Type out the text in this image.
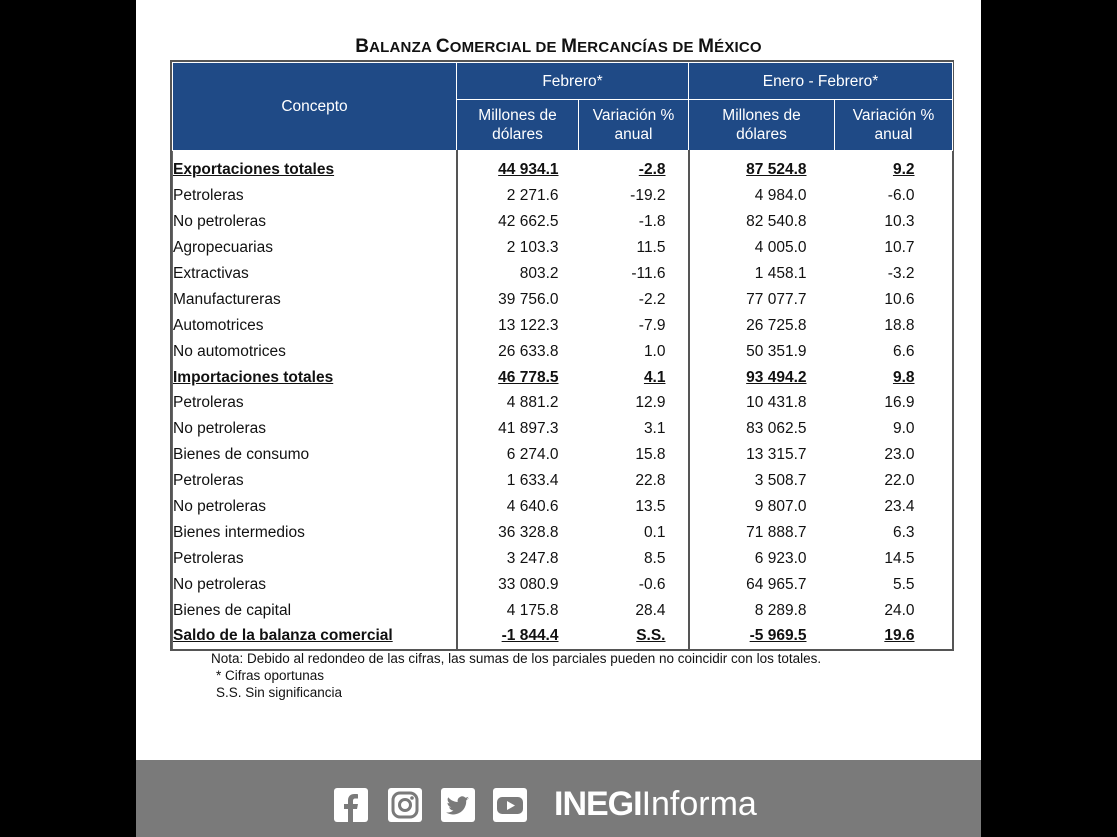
BALANZA COMERCIAL DE MERCANCÍAS DE MÉXICO
Concepto	Febrero*		Enero - Febrero*	
	Millones de dólares	Variación % anual	Millones de dólares	Variación % anual
Exportaciones totales	44 934.1	-2.8	87 524.8	9.2
Petroleras	2 271.6	-19.2	4 984.0	-6.0
No petroleras	42 662.5	-1.8	82 540.8	10.3
Agropecuarias	2 103.3	11.5	4 005.0	10.7
Extractivas	803.2	-11.6	1 458.1	-3.2
Manufactureras	39 756.0	-2.2	77 077.7	10.6
Automotrices	13 122.3	-7.9	26 725.8	18.8
No automotrices	26 633.8	1.0	50 351.9	6.6
Importaciones totales	46 778.5	4.1	93 494.2	9.8
Petroleras	4 881.2	12.9	10 431.8	16.9
No petroleras	41 897.3	3.1	83 062.5	9.0
Bienes de consumo	6 274.0	15.8	13 315.7	23.0
Petroleras	1 633.4	22.8	3 508.7	22.0
No petroleras	4 640.6	13.5	9 807.0	23.4
Bienes intermedios	36 328.8	0.1	71 888.7	6.3
Petroleras	3 247.8	8.5	6 923.0	14.5
No petroleras	33 080.9	-0.6	64 965.7	5.5
Bienes de capital	4 175.8	28.4	8 289.8	24.0
Saldo de la balanza comercial	-1 844.4	S.S.	-5 969.5	19.6
Nota: Debido al redondeo de las cifras, las sumas de los parciales pueden no coincidir con los totales.
* Cifras oportunas
S.S. Sin significancia
INEGIInforma
